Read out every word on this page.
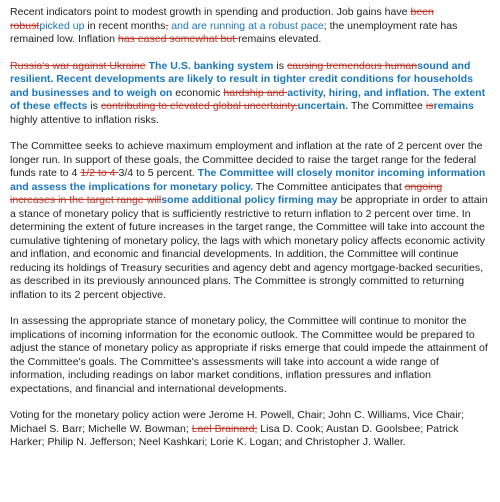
Recent indicators point to modest growth in spending and production. Job gains have been robustpicked up in recent months, and are running at a robust pace; the unemployment rate has remained low. Inflation has eased somewhat but remains elevated.

Russia's war against Ukraine The U.S. banking system is causing tremendous humansound and resilient. Recent developments are likely to result in tighter credit conditions for households and businesses and to weigh on economic hardship and activity, hiring, and inflation. The extent of these effects is contributing to elevated global uncertainty.uncertain. The Committee isremains highly attentive to inflation risks.

The Committee seeks to achieve maximum employment and inflation at the rate of 2 percent over the longer run. In support of these goals, the Committee decided to raise the target range for the federal funds rate to 4 1/2 to 4 3/4 to 5 percent. The Committee will closely monitor incoming information and assess the implications for monetary policy. The Committee anticipates that ongoing increases in the target range willsome additional policy firming may be appropriate in order to attain a stance of monetary policy that is sufficiently restrictive to return inflation to 2 percent over time. In determining the extent of future increases in the target range, the Committee will take into account the cumulative tightening of monetary policy, the lags with which monetary policy affects economic activity and inflation, and economic and financial developments. In addition, the Committee will continue reducing its holdings of Treasury securities and agency debt and agency mortgage-backed securities, as described in its previously announced plans. The Committee is strongly committed to returning inflation to its 2 percent objective.

In assessing the appropriate stance of monetary policy, the Committee will continue to monitor the implications of incoming information for the economic outlook. The Committee would be prepared to adjust the stance of monetary policy as appropriate if risks emerge that could impede the attainment of the Committee's goals. The Committee's assessments will take into account a wide range of information, including readings on labor market conditions, inflation pressures and inflation expectations, and financial and international developments.

Voting for the monetary policy action were Jerome H. Powell, Chair; John C. Williams, Vice Chair; Michael S. Barr; Michelle W. Bowman; Lael Brainard; Lisa D. Cook; Austan D. Goolsbee; Patrick Harker; Philip N. Jefferson; Neel Kashkari; Lorie K. Logan; and Christopher J. Waller.
